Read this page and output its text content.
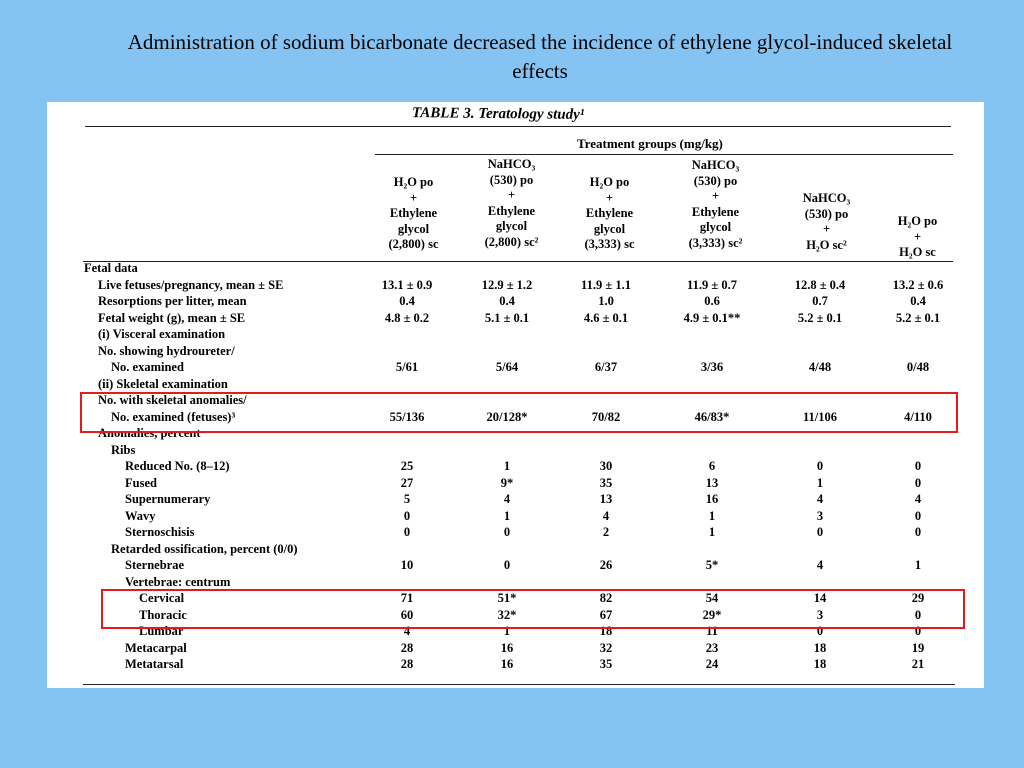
Administration of sodium bicarbonate decreased the incidence of ethylene glycol-induced skeletal effects
TABLE 3. Teratology study¹
Treatment groups (mg/kg)
H₂O po
+
Ethylene
glycol
(2,800) sc
NaHCO₃
(530) po
+
Ethylene
glycol
(2,800) sc²
H₂O po
+
Ethylene
glycol
(3,333) sc
NaHCO₃
(530) po
+
Ethylene
glycol
(3,333) sc²
NaHCO₃
(530) po
+
H₂O sc²
H₂O po
+
H₂O sc
Fetal data
Live fetuses/pregnancy, mean ± SE	13.1 ± 0.9	12.9 ± 1.2	11.9 ± 1.1	11.9 ± 0.7	12.8 ± 0.4	13.2 ± 0.6
Resorptions per litter, mean	0.4	0.4	1.0	0.6	0.7	0.4
Fetal weight (g), mean ± SE	4.8 ± 0.2	5.1 ± 0.1	4.6 ± 0.1	4.9 ± 0.1**	5.2 ± 0.1	5.2 ± 0.1
(i) Visceral examination
No. showing hydroureter/
No. examined	5/61	5/64	6/37	3/36	4/48	0/48
(ii) Skeletal examination
No. with skeletal anomalies/
No. examined (fetuses)³	55/136	20/128*	70/82	46/83*	11/106	4/110
Anomalies, percent
Ribs
Reduced No. (8–12)	25	1	30	6	0	0
Fused	27	9*	35	13	1	0
Supernumerary	5	4	13	16	4	4
Wavy	0	1	4	1	3	0
Sternoschisis	0	0	2	1	0	0
Retarded ossification, percent (0/0)
Sternebrae	10	0	26	5*	4	1
Vertebrae: centrum
Cervical	71	51*	82	54	14	29
Thoracic	60	32*	67	29*	3	0
Lumbar	4	1	18	11	0	0
Metacarpal	28	16	32	23	18	19
Metatarsal	28	16	35	24	18	21
